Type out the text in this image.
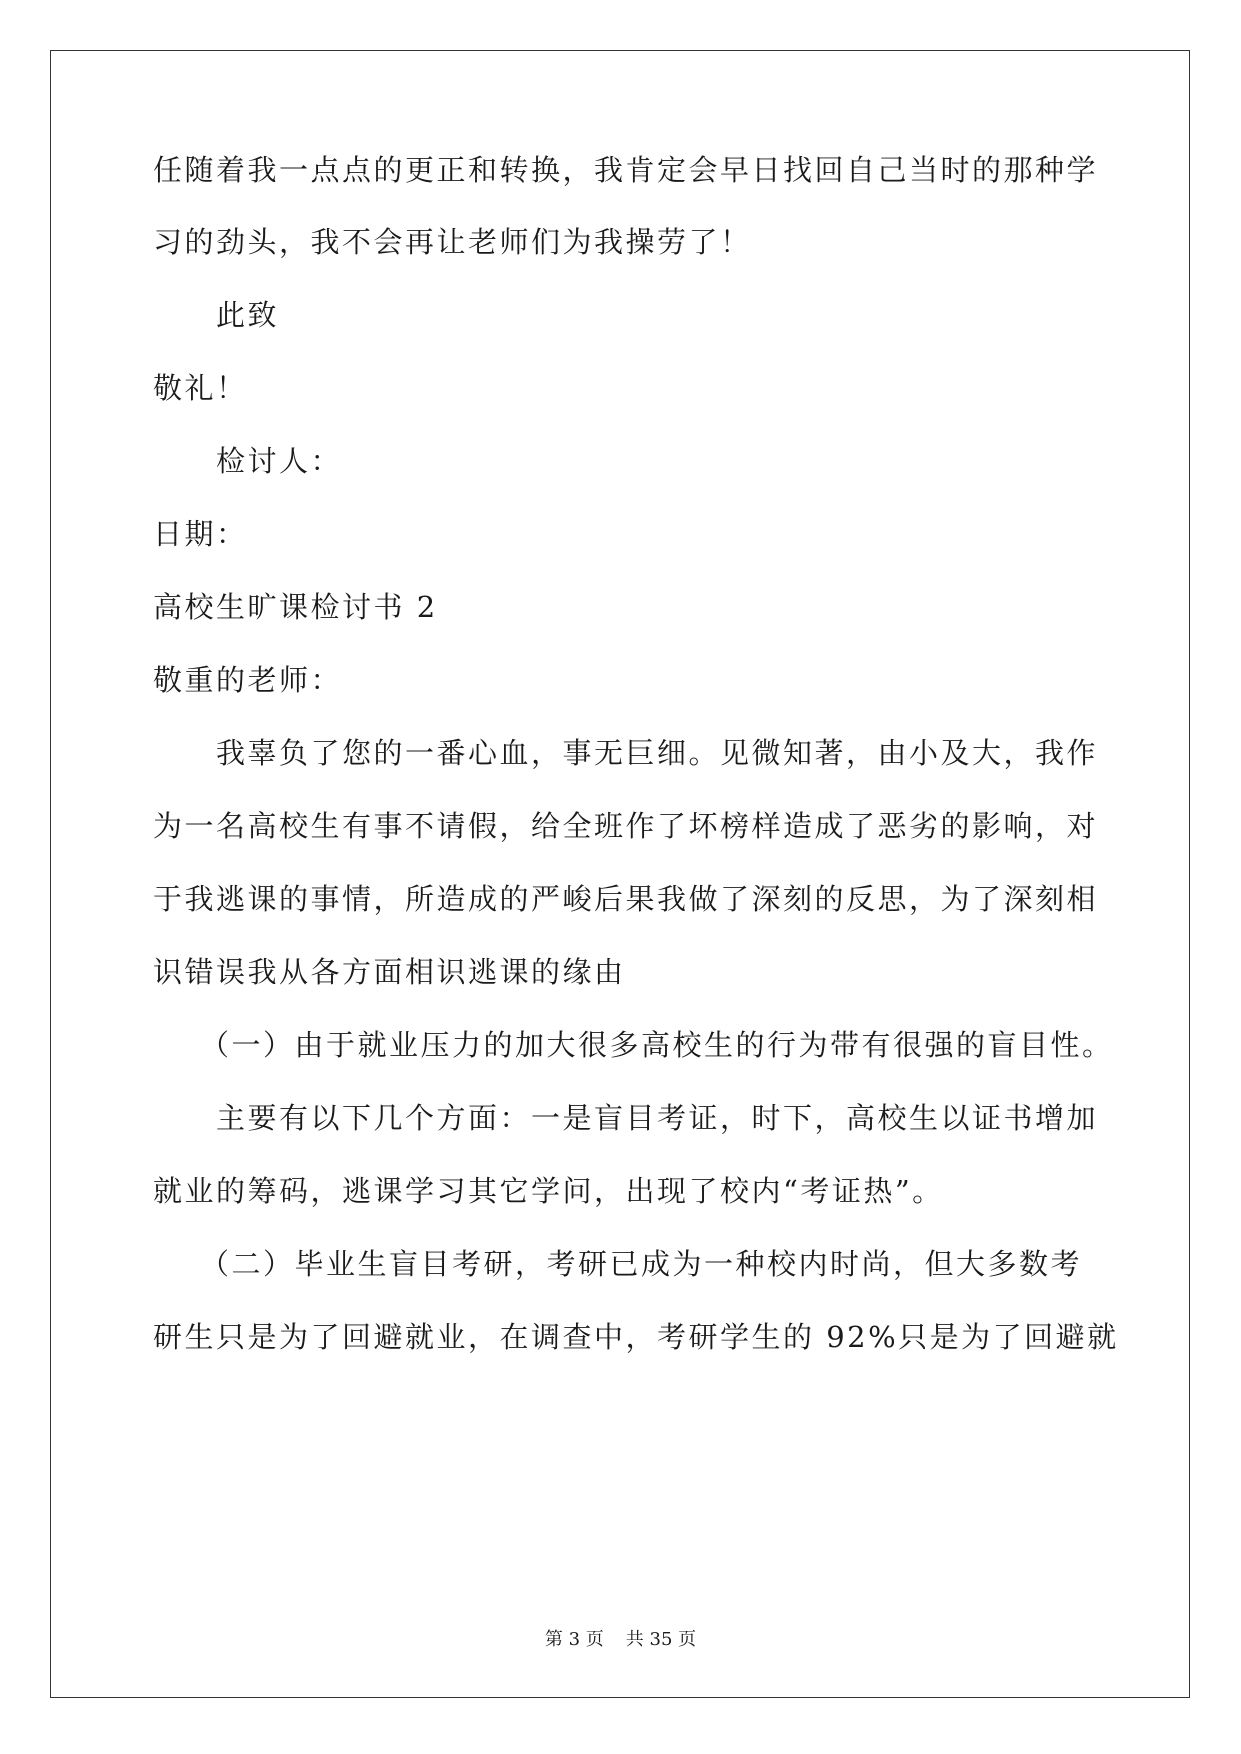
任随着我一点点的更正和转换，我肯定会早日找回自己当时的那种学
习的劲头，我不会再让老师们为我操劳了！
此致
敬礼！
检讨人：
日期：
高校生旷课检讨书 2
敬重的老师：
我辜负了您的一番心血，事无巨细。见微知著，由小及大，我作
为一名高校生有事不请假，给全班作了坏榜样造成了恶劣的影响，对
于我逃课的事情，所造成的严峻后果我做了深刻的反思，为了深刻相
识错误我从各方面相识逃课的缘由
（一）由于就业压力的加大很多高校生的行为带有很强的盲目性。
主要有以下几个方面：一是盲目考证，时下，高校生以证书增加
就业的筹码，逃课学习其它学问，出现了校内“考证热”。
（二）毕业生盲目考研，考研已成为一种校内时尚，但大多数考
研生只是为了回避就业，在调查中，考研学生的 92%只是为了回避就
第 3 页 共 35 页
